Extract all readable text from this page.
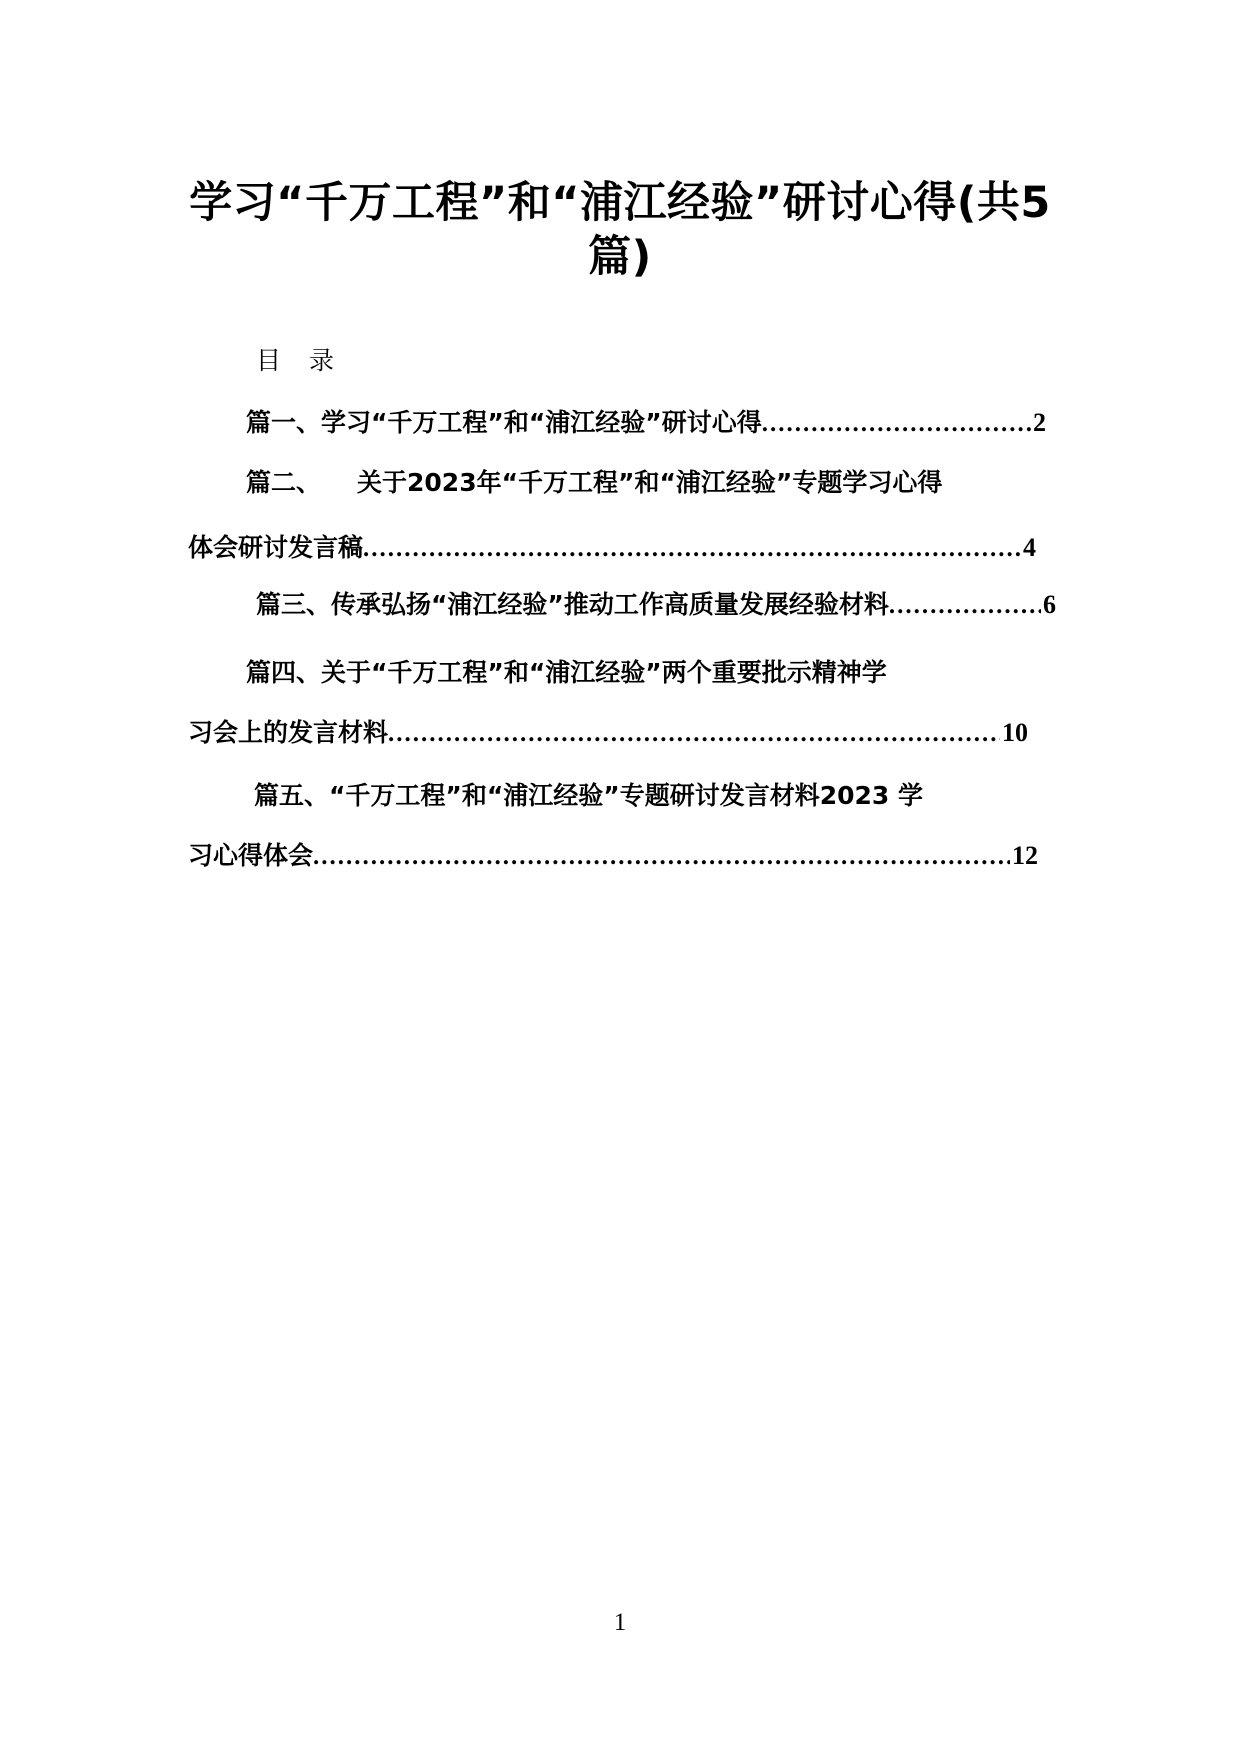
学习“千万工程”和“浦江经验”研讨心得(共5篇)
目录
篇一、学习“千万工程”和“浦江经验”研讨心得 .....	2
篇二、 关于2023年“千万工程”和“浦江经验”专题学习心得
体会研讨发言稿 .....	4
篇三、传承弘扬“浦江经验”推动工作高质量发展经验材料 .....	6
篇四、关于“千万工程”和“浦江经验”两个重要批示精神学
习会上的发言材料 .....	10
篇五、“千万工程”和“浦江经验”专题研讨发言材料2023 学
习心得体会 .....	12
1
